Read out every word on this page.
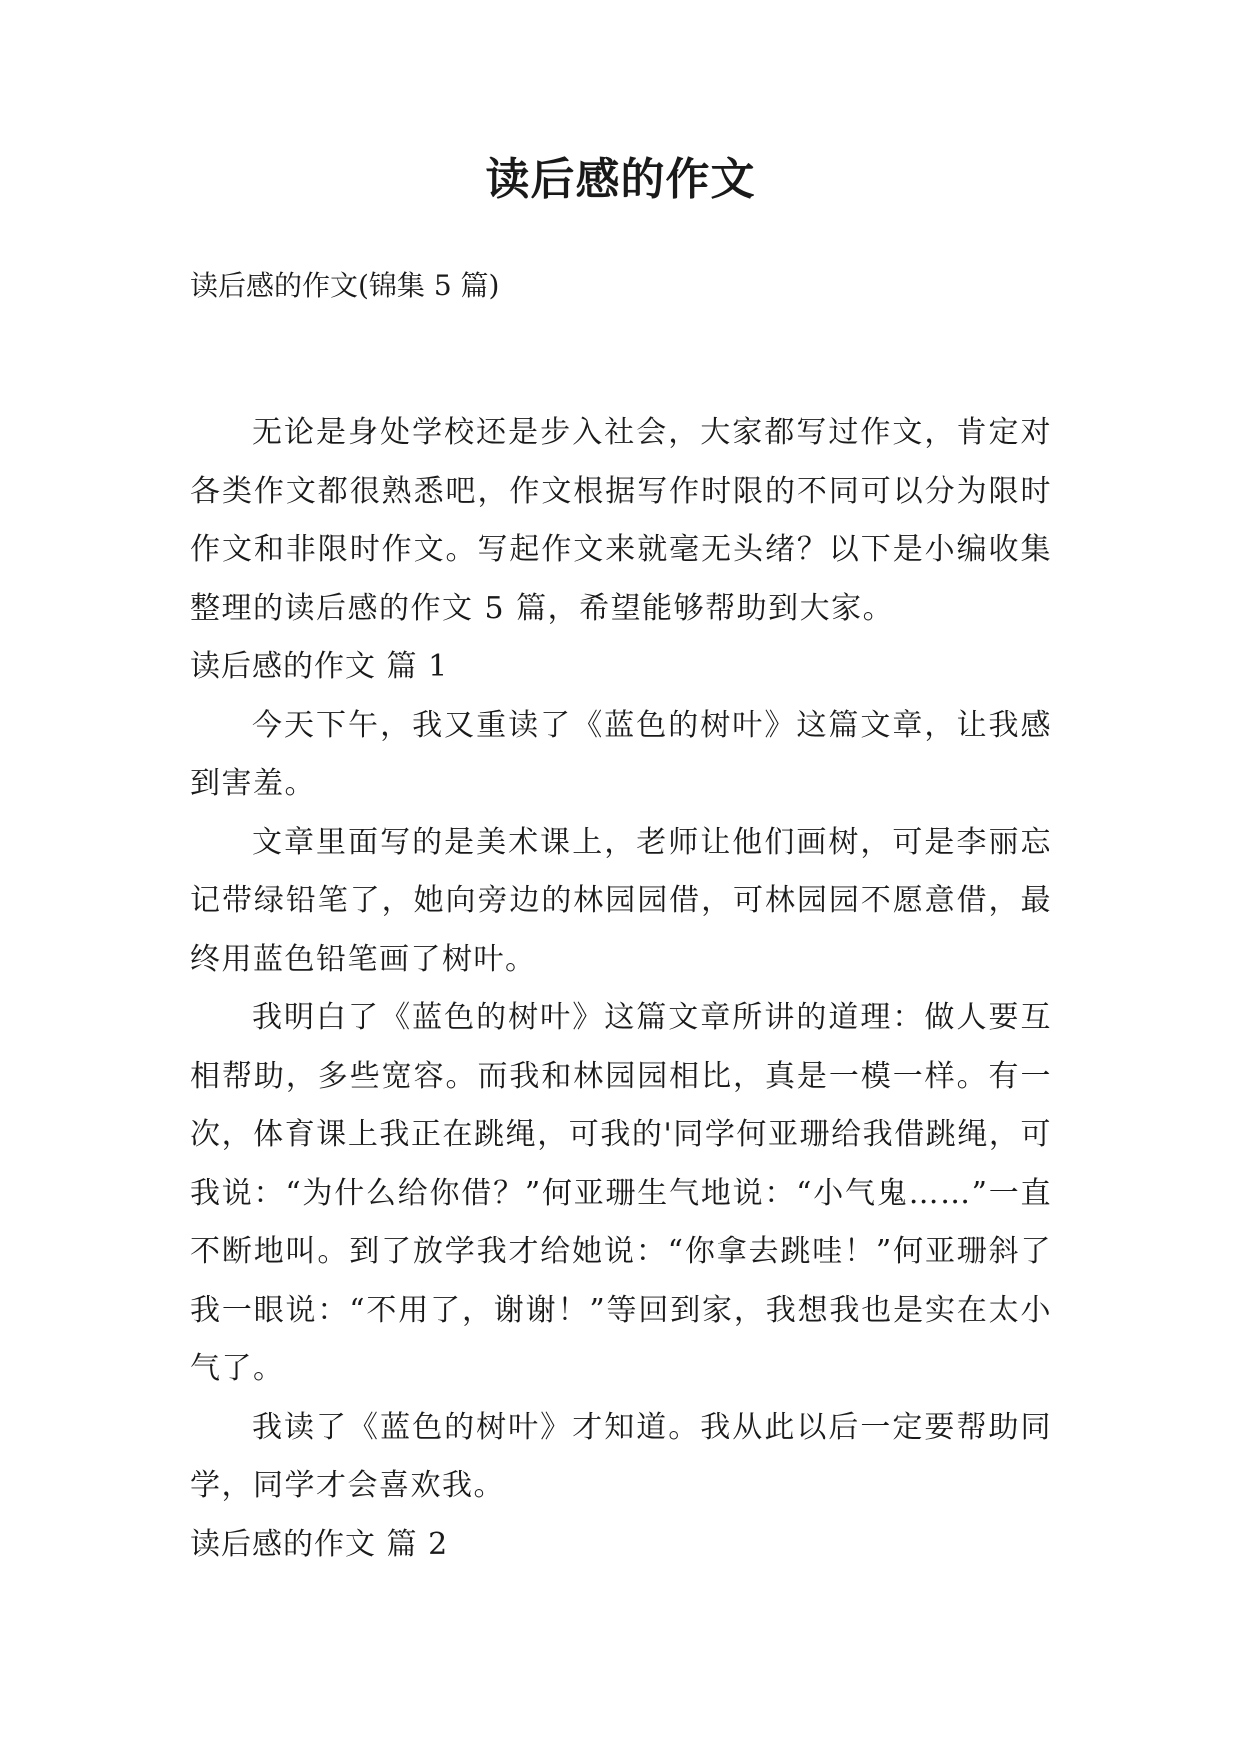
读后感的作文

读后感的作文(锦集 5 篇)

无论是身处学校还是步入社会，大家都写过作文，肯定对各类作文都很熟悉吧，作文根据写作时限的不同可以分为限时作文和非限时作文。写起作文来就毫无头绪？以下是小编收集整理的读后感的作文 5 篇，希望能够帮助到大家。

读后感的作文 篇 1

今天下午，我又重读了《蓝色的树叶》这篇文章，让我感到害羞。

文章里面写的是美术课上，老师让他们画树，可是李丽忘记带绿铅笔了，她向旁边的林园园借，可林园园不愿意借，最终用蓝色铅笔画了树叶。

我明白了《蓝色的树叶》这篇文章所讲的道理：做人要互相帮助，多些宽容。而我和林园园相比，真是一模一样。有一次，体育课上我正在跳绳，可我的'同学何亚珊给我借跳绳，可我说：“为什么给你借？”何亚珊生气地说：“小气鬼……”一直不断地叫。到了放学我才给她说：“你拿去跳哇！”何亚珊斜了我一眼说：“不用了，谢谢！”等回到家，我想我也是实在太小气了。

我读了《蓝色的树叶》才知道。我从此以后一定要帮助同学，同学才会喜欢我。

读后感的作文 篇 2
